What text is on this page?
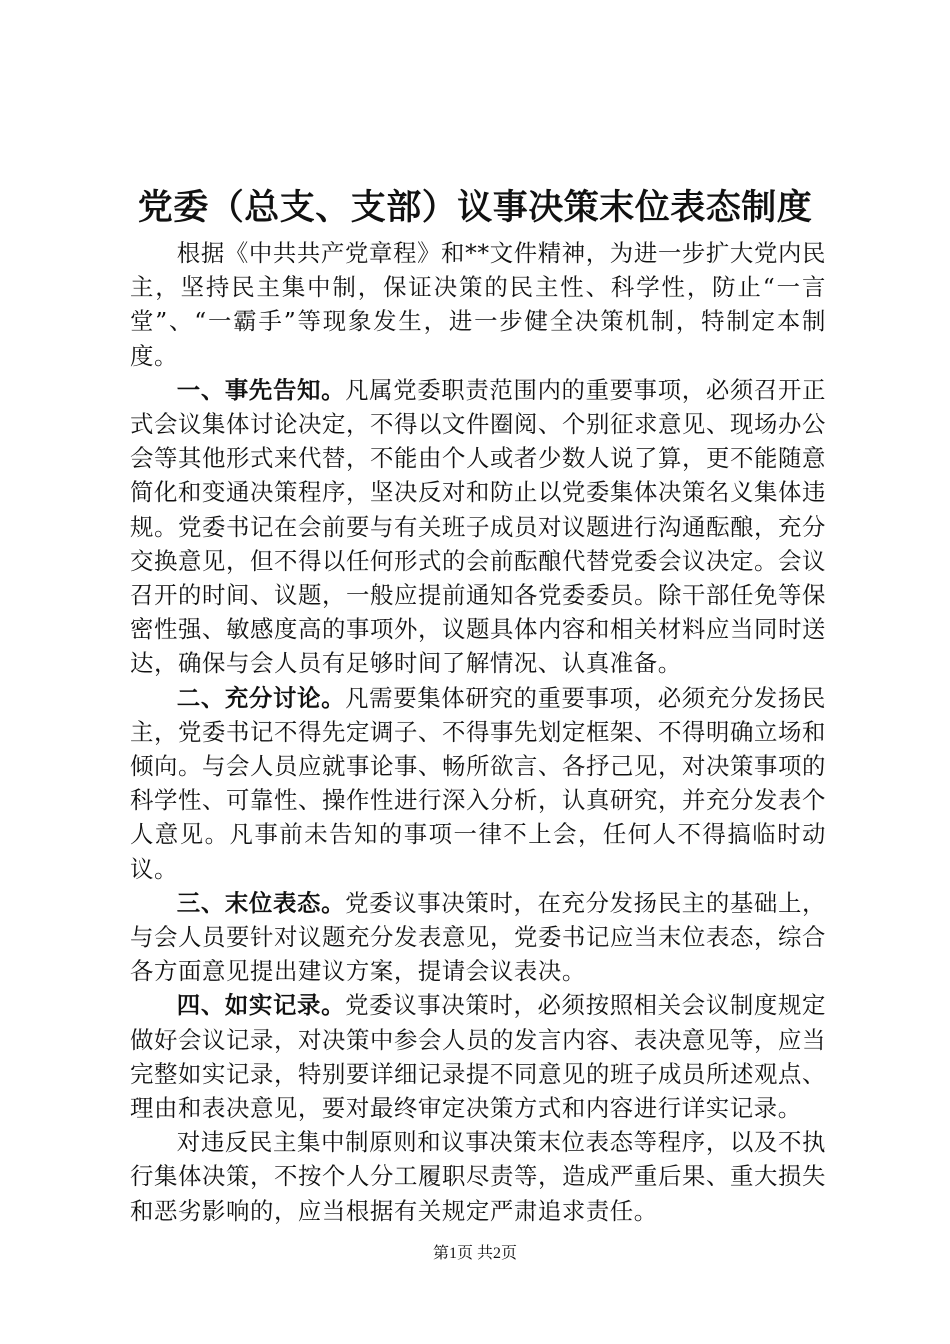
党委（总支、支部）议事决策末位表态制度

根据《中共共产党章程》和**文件精神，为进一步扩大党内民主，坚持民主集中制，保证决策的民主性、科学性，防止“一言堂”、“一霸手”等现象发生，进一步健全决策机制，特制定本制度。

一、事先告知。凡属党委职责范围内的重要事项，必须召开正式会议集体讨论决定，不得以文件圈阅、个别征求意见、现场办公会等其他形式来代替，不能由个人或者少数人说了算，更不能随意简化和变通决策程序，坚决反对和防止以党委集体决策名义集体违规。党委书记在会前要与有关班子成员对议题进行沟通酝酿，充分交换意见，但不得以任何形式的会前酝酿代替党委会议决定。会议召开的时间、议题，一般应提前通知各党委委员。除干部任免等保密性强、敏感度高的事项外，议题具体内容和相关材料应当同时送达，确保与会人员有足够时间了解情况、认真准备。

二、充分讨论。凡需要集体研究的重要事项，必须充分发扬民主，党委书记不得先定调子、不得事先划定框架、不得明确立场和倾向。与会人员应就事论事、畅所欲言、各抒己见，对决策事项的科学性、可靠性、操作性进行深入分析，认真研究，并充分发表个人意见。凡事前未告知的事项一律不上会，任何人不得搞临时动议。

三、末位表态。党委议事决策时，在充分发扬民主的基础上，与会人员要针对议题充分发表意见，党委书记应当末位表态，综合各方面意见提出建议方案，提请会议表决。

四、如实记录。党委议事决策时，必须按照相关会议制度规定做好会议记录，对决策中参会人员的发言内容、表决意见等，应当完整如实记录，特别要详细记录提不同意见的班子成员所述观点、理由和表决意见，要对最终审定决策方式和内容进行详实记录。

对违反民主集中制原则和议事决策末位表态等程序，以及不执行集体决策，不按个人分工履职尽责等，造成严重后果、重大损失和恶劣影响的，应当根据有关规定严肃追求责任。

第1页 共2页
